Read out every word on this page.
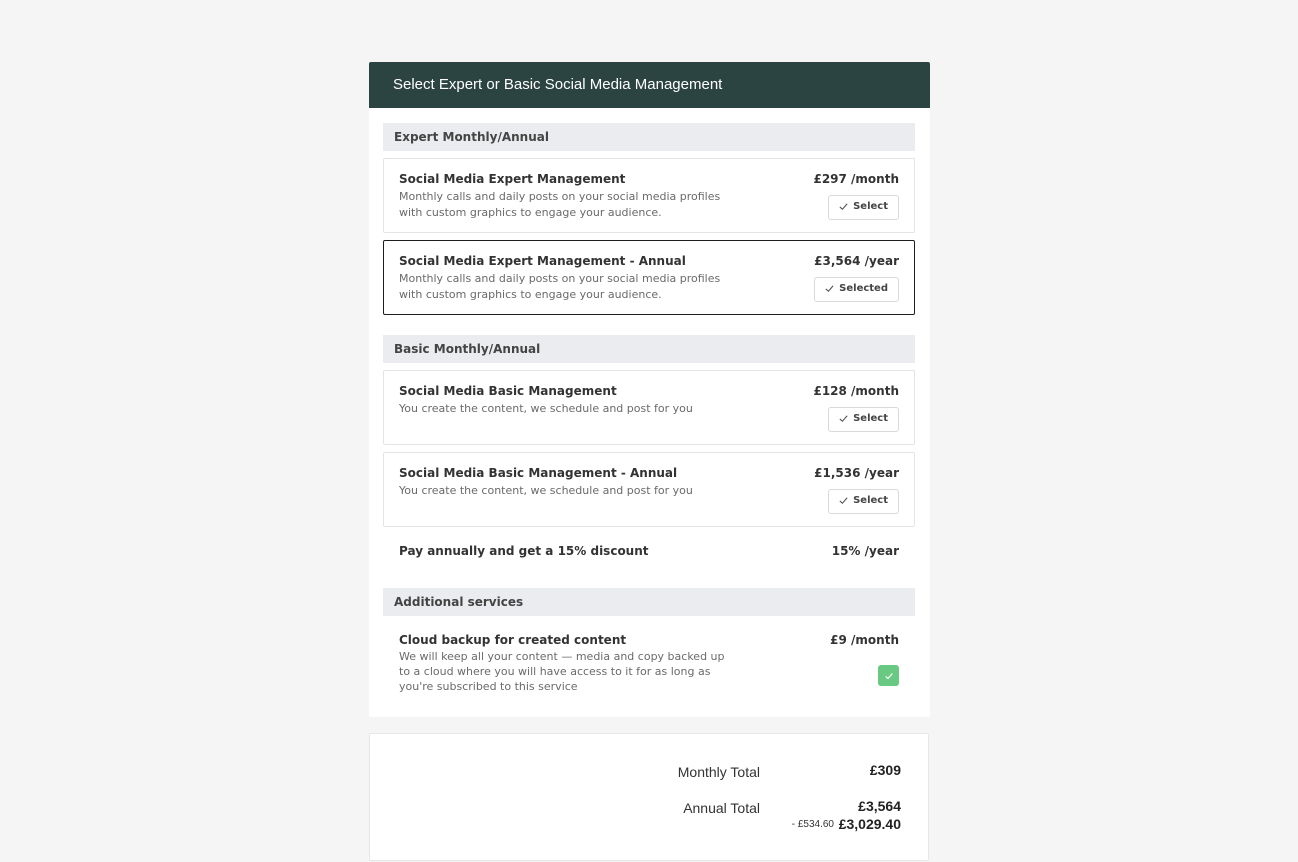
Select Expert or Basic Social Media Management
Expert Monthly/Annual
Social Media Expert Management
Monthly calls and daily posts on your social media profiles with custom graphics to engage your audience.
£297 /month
Select
Social Media Expert Management - Annual
Monthly calls and daily posts on your social media profiles with custom graphics to engage your audience.
£3,564 /year
Selected
Basic Monthly/Annual
Social Media Basic Management
You create the content, we schedule and post for you
£128 /month
Select
Social Media Basic Management - Annual
You create the content, we schedule and post for you
£1,536 /year
Select
Pay annually and get a 15% discount	15% /year
Additional services
Cloud backup for created content
We will keep all your content — media and copy backed up to a cloud where you will have access to it for as long as you're subscribed to this service
£9 /month
Monthly Total	£309
Annual Total	£3,564
- £534.60 £3,029.40
